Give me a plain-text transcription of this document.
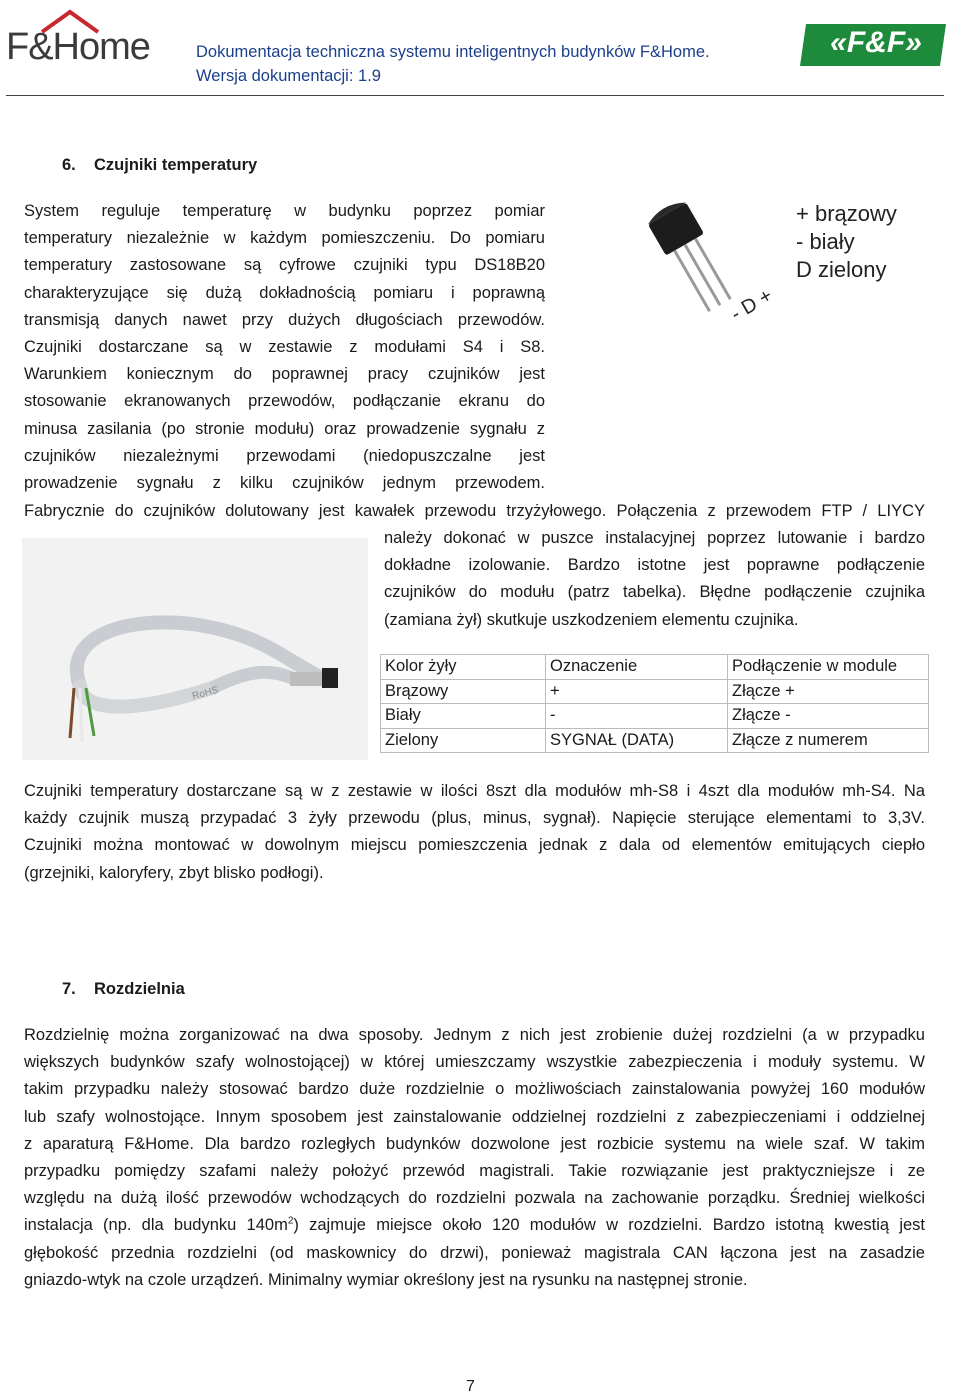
F&Home	Dokumentacja techniczna systemu inteligentnych budynków F&Home.
Wersja dokumentacji: 1.9
«F&F»
6. Czujniki temperatury
System reguluje temperaturę w budynku poprzez pomiar
temperatury niezależnie w każdym pomieszczeniu. Do pomiaru
temperatury zastosowane są cyfrowe czujniki typu DS18B20
charakteryzujące się dużą dokładnością pomiaru i poprawną
transmisją danych nawet przy dużych długościach przewodów.
Czujniki dostarczane są w zestawie z modułami S4 i S8.
Warunkiem koniecznym do poprawnej pracy czujników jest
stosowanie ekranowanych przewodów, podłączanie ekranu do
minusa zasilania (po stronie modułu) oraz prowadzenie sygnału z
czujników niezależnymi przewodami (niedopuszczalne jest
prowadzenie sygnału z kilku czujników jednym przewodem.
- D +
+ brązowy
- biały
D zielony
Fabrycznie do czujników dolutowany jest kawałek przewodu trzyżyłowego. Połączenia z przewodem FTP / LIYCY
RoHS
należy dokonać w puszce instalacyjnej poprzez lutowanie i bardzo
dokładne izolowanie. Bardzo istotne jest poprawne podłączenie
czujników do modułu (patrz tabelka). Błędne podłączenie czujnika
(zamiana żył) skutkuje uszkodzeniem elementu czujnika.
Kolor żyły	Oznaczenie	Podłączenie w module
Brązowy	+	Złącze +
Biały	-	Złącze -
Zielony	SYGNAŁ (DATA)	Złącze z numerem
Czujniki temperatury dostarczane są w z zestawie w ilości 8szt dla modułów mh-S8 i 4szt dla modułów mh-S4. Na
każdy czujnik muszą przypadać 3 żyły przewodu (plus, minus, sygnał). Napięcie sterujące elementami to 3,3V.
Czujniki można montować w dowolnym miejscu pomieszczenia jednak z dala od elementów emitujących ciepło
(grzejniki, kaloryfery, zbyt blisko podłogi).
7. Rozdzielnia
Rozdzielnię można zorganizować na dwa sposoby. Jednym z nich jest zrobienie dużej rozdzielni (a w przypadku
większych budynków szafy wolnostojącej) w której umieszczamy wszystkie zabezpieczenia i moduły systemu. W
takim przypadku należy stosować bardzo duże rozdzielnie o możliwościach zainstalowania powyżej 160 modułów
lub szafy wolnostojące. Innym sposobem jest zainstalowanie oddzielnej rozdzielni z zabezpieczeniami i oddzielnej
z aparaturą F&Home. Dla bardzo rozległych budynków dozwolone jest rozbicie systemu na wiele szaf. W takim
przypadku pomiędzy szafami należy położyć przewód magistrali. Takie rozwiązanie jest praktyczniejsze i ze
względu na dużą ilość przewodów wchodzących do rozdzielni pozwala na zachowanie porządku. Średniej wielkości
instalacja (np. dla budynku $140m^2$) zajmuje miejsce około 120 modułów w rozdzielni. Bardzo istotną kwestią jest
głębokość przednia rozdzielni (od maskownicy do drzwi), ponieważ magistrala CAN łączona jest na zasadzie
gniazdo-wtyk na czole urządzeń. Minimalny wymiar określony jest na rysunku na następnej stronie.
7
